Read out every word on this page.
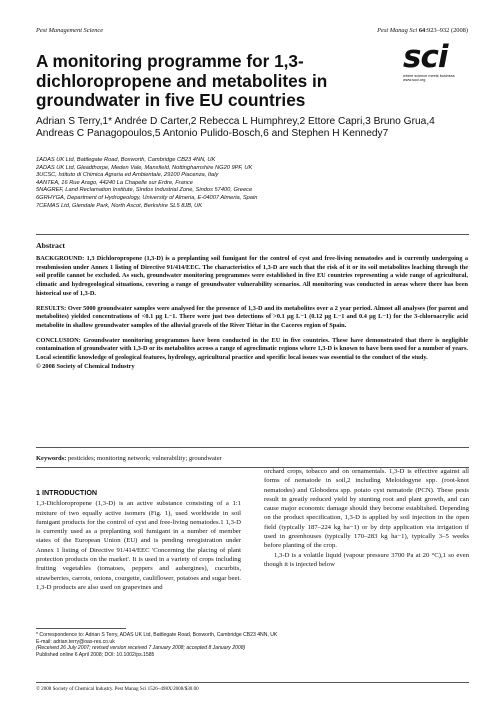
Pest Management Science	Pest Manag Sci 64:923–932 (2008)
sci
where science meets business
www.soci.org
A monitoring programme for 1,3-dichloropropene and metabolites in groundwater in five EU countries
Adrian S Terry,1* Andrée D Carter,2 Rebecca L Humphrey,2 Ettore Capri,3 Bruno Grua,4 Andreas C Panagopoulos,5 Antonio Pulido-Bosch,6 and Stephen H Kennedy7
1ADAS UK Ltd, Battlegate Road, Boxworth, Cambridge CB23 4NN, UK
2ADAS UK Ltd, Gleadthorpe, Meden Vale, Mansfield, Nottinghamshire NG20 9PF, UK
3UCSC, Istituto di Chimica Agraria ed Ambientale, 29100 Piacenza, Italy
4ANTEA, 16 Rue Arago, 44240 La Chapelle sur Erdre, France
5NAGREF, Land Reclamation Institute, Sindos Industrial Zone, Sindos 57400, Greece
6GRHYGA, Department of Hydrogeology, University of Almeria, E-04007 Almeria, Spain
7CEMAS Ltd, Glendale Park, North Ascot, Berkshire SL5 8JB, UK
Abstract

BACKGROUND: 1,3 Dichloropropene (1,3-D) is a preplanting soil fumigant for the control of cyst and free-living nematodes and is currently undergoing a resubmission under Annex 1 listing of Directive 91/414/EEC. The characteristics of 1,3-D are such that the risk of it or its soil metabolites leaching through the soil profile cannot be excluded. As such, groundwater monitoring programmes were established in five EU countries representing a wide range of agricultural, climatic and hydrogeological situations, covering a range of groundwater vulnerability scenarios. All monitoring was conducted in areas where there has been historical use of 1,3-D.

RESULTS: Over 5000 groundwater samples were analysed for the presence of 1,3-D and its metabolites over a 2 year period. Almost all analyses (for parent and metabolites) yielded concentrations of <0.1 µg L−1. There were just two detections of >0.1 µg L−1 (0.12 µg L−1 and 0.4 µg L−1) for the 3-chloroacrylic acid metabolite in shallow groundwater samples of the alluvial gravels of the River Tiétar in the Caceres region of Spain.

CONCLUSION: Groundwater monitoring programmes have been conducted in the EU in five countries. These have demonstrated that there is negligible contamination of groundwater with 1,3-D or its metabolites across a range of agroclimatic regions where 1,3-D is known to have been used for a number of years. Local scientific knowledge of geological features, hydrology, agricultural practice and specific local issues was essential to the conduct of the study.

© 2008 Society of Chemical Industry
Keywords: pesticides; monitoring network; vulnerability; groundwater
1 INTRODUCTION
1,3-Dichloropropene (1,3-D) is an active substance consisting of a 1:1 mixture of two equally active isomers (Fig. 1), used worldwide in soil fumigant products for the control of cyst and free-living nematodes.1 1,3-D is currently used as a preplanting soil fumigant in a number of member states of the European Union (EU) and is pending reregistration under Annex 1 listing of Directive 91/414/EEC 'Concerning the placing of plant protection products on the market'. It is used in a variety of crops including fruiting vegetables (tomatoes, peppers and aubergines), cucurbits, strawberries, carrots, onions, courgette, cauliflower, potatoes and sugar beet. 1,3-D products are also used on grapevines and
orchard crops, tobacco and on ornamentals. 1,3-D is effective against all forms of nematode in soil,2 including Meloidogyne spp. (root-knot nematodes) and Globodera spp. potato cyst nematode (PCN). These pests result in greatly reduced yield by stunting root and plant growth, and can cause major economic damage should they become established. Depending on the product specification, 1,3-D is applied by soil injection in the open field (typically 187–224 kg ha−1) or by drip application via irrigation if used in greenhouses (typically 170–283 kg ha−1), typically 3–5 weeks before planting of the crop.
1,3-D is a volatile liquid (vapour pressure 3700 Pa at 20 °C),1 so even though it is injected below
* Correspondence to: Adrian S Terry, ADAS UK Ltd, Battlegate Road, Boxworth, Cambridge CB23 4NN, UK
E-mail: adrian.terry@oas-res.co.uk
(Received 26 July 2007; revised version received 7 January 2008; accepted 8 January 2008)
Published online 6 April 2008; DOI: 10.1002/ps.1585
© 2008 Society of Chemical Industry. Pest Manag Sci 1526–498X/2008/$30.00
